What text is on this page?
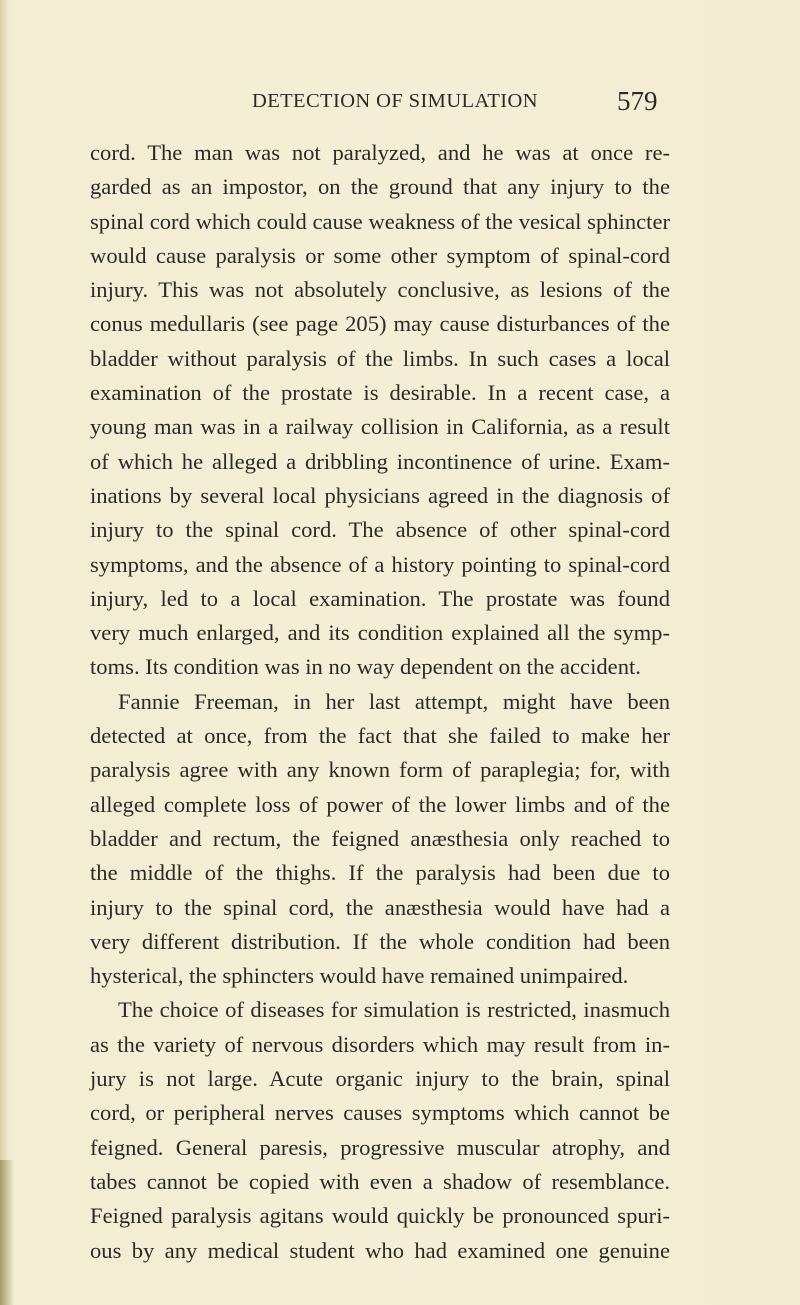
DETECTION OF SIMULATION	579
cord. The man was not paralyzed, and he was at once re-
garded as an impostor, on the ground that any injury to the
spinal cord which could cause weakness of the vesical sphincter
would cause paralysis or some other symptom of spinal-cord
injury. This was not absolutely conclusive, as lesions of the
conus medullaris (see page 205) may cause disturbances of the
bladder without paralysis of the limbs. In such cases a local
examination of the prostate is desirable. In a recent case, a
young man was in a railway collision in California, as a result
of which he alleged a dribbling incontinence of urine. Exam-
inations by several local physicians agreed in the diagnosis of
injury to the spinal cord. The absence of other spinal-cord
symptoms, and the absence of a history pointing to spinal-cord
injury, led to a local examination. The prostate was found
very much enlarged, and its condition explained all the symp-
toms. Its condition was in no way dependent on the accident.
Fannie Freeman, in her last attempt, might have been
detected at once, from the fact that she failed to make her
paralysis agree with any known form of paraplegia; for, with
alleged complete loss of power of the lower limbs and of the
bladder and rectum, the feigned anæsthesia only reached to
the middle of the thighs. If the paralysis had been due to
injury to the spinal cord, the anæsthesia would have had a
very different distribution. If the whole condition had been
hysterical, the sphincters would have remained unimpaired.
The choice of diseases for simulation is restricted, inasmuch
as the variety of nervous disorders which may result from in-
jury is not large. Acute organic injury to the brain, spinal
cord, or peripheral nerves causes symptoms which cannot be
feigned. General paresis, progressive muscular atrophy, and
tabes cannot be copied with even a shadow of resemblance.
Feigned paralysis agitans would quickly be pronounced spuri-
ous by any medical student who had examined one genuine
